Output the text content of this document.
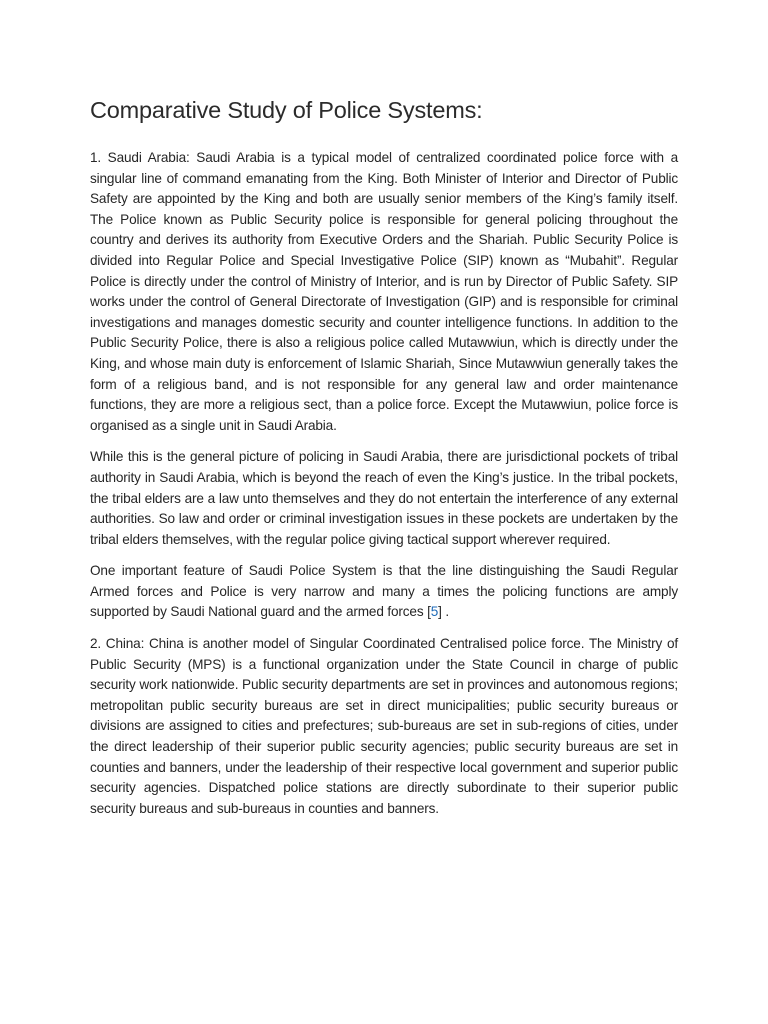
Comparative Study of Police Systems:

1. Saudi Arabia: Saudi Arabia is a typical model of centralized coordinated police force with a singular line of command emanating from the King. Both Minister of Interior and Director of Public Safety are appointed by the King and both are usually senior members of the King’s family itself. The Police known as Public Security police is responsible for general policing throughout the country and derives its authority from Executive Orders and the Shariah. Public Security Police is divided into Regular Police and Special Investigative Police (SIP) known as “Mubahit”. Regular Police is directly under the control of Ministry of Interior, and is run by Director of Public Safety. SIP works under the control of General Directorate of Investigation (GIP) and is responsible for criminal investigations and manages domestic security and counter intelligence functions. In addition to the Public Security Police, there is also a religious police called Mutawwiun, which is directly under the King, and whose main duty is enforcement of Islamic Shariah, Since Mutawwiun generally takes the form of a religious band, and is not responsible for any general law and order maintenance functions, they are more a religious sect, than a police force. Except the Mutawwiun, police force is organised as a single unit in Saudi Arabia.

While this is the general picture of policing in Saudi Arabia, there are jurisdictional pockets of tribal authority in Saudi Arabia, which is beyond the reach of even the King’s justice. In the tribal pockets, the tribal elders are a law unto themselves and they do not entertain the interference of any external authorities. So law and order or criminal investigation issues in these pockets are undertaken by the tribal elders themselves, with the regular police giving tactical support wherever required.

One important feature of Saudi Police System is that the line distinguishing the Saudi Regular Armed forces and Police is very narrow and many a times the policing functions are amply supported by Saudi National guard and the armed forces [5] .

2. China: China is another model of Singular Coordinated Centralised police force. The Ministry of Public Security (MPS) is a functional organization under the State Council in charge of public security work nationwide. Public security departments are set in provinces and autonomous regions; metropolitan public security bureaus are set in direct municipalities; public security bureaus or divisions are assigned to cities and prefectures; sub-bureaus are set in sub-regions of cities, under the direct leadership of their superior public security agencies; public security bureaus are set in counties and banners, under the leadership of their respective local government and superior public security agencies. Dispatched police stations are directly subordinate to their superior public security bureaus and sub-bureaus in counties and banners.
